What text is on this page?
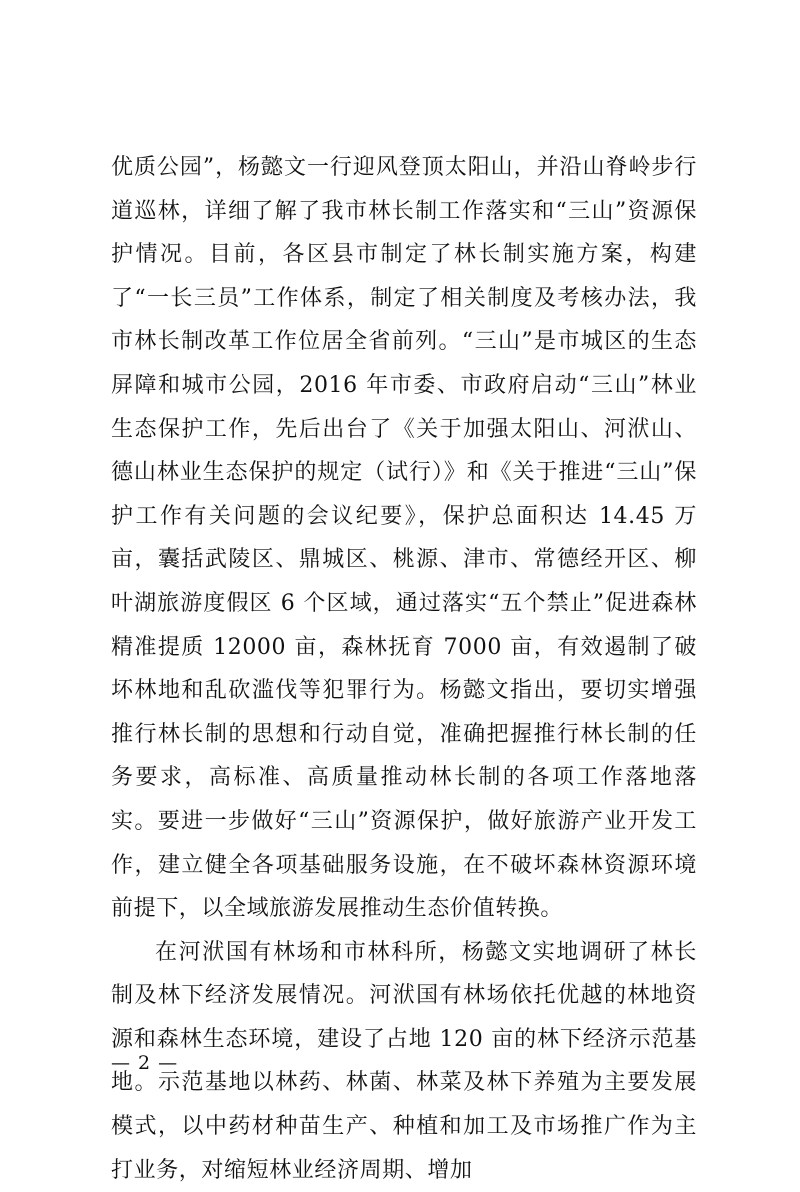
优质公园”，杨懿文一行迎风登顶太阳山，并沿山脊岭步行道巡林，详细了解了我市林长制工作落实和“三山”资源保护情况。目前，各区县市制定了林长制实施方案，构建了“一长三员”工作体系，制定了相关制度及考核办法，我市林长制改革工作位居全省前列。“三山”是市城区的生态屏障和城市公园，2016 年市委、市政府启动“三山”林业生态保护工作，先后出台了《关于加强太阳山、河洑山、德山林业生态保护的规定（试行）》和《关于推进“三山”保护工作有关问题的会议纪要》，保护总面积达 14.45 万亩，囊括武陵区、鼎城区、桃源、津市、常德经开区、柳叶湖旅游度假区 6 个区域，通过落实“五个禁止”促进森林精准提质 12000 亩，森林抚育 7000 亩，有效遏制了破坏林地和乱砍滥伐等犯罪行为。杨懿文指出，要切实增强推行林长制的思想和行动自觉，准确把握推行林长制的任务要求，高标准、高质量推动林长制的各项工作落地落实。要进一步做好“三山”资源保护，做好旅游产业开发工作，建立健全各项基础服务设施，在不破坏森林资源环境前提下，以全域旅游发展推动生态价值转换。

在河洑国有林场和市林科所，杨懿文实地调研了林长制及林下经济发展情况。河洑国有林场依托优越的林地资源和森林生态环境，建设了占地 120 亩的林下经济示范基地。示范基地以林药、林菌、林菜及林下养殖为主要发展模式，以中药材种苗生产、种植和加工及市场推广作为主打业务，对缩短林业经济周期、增加

— 2 —
